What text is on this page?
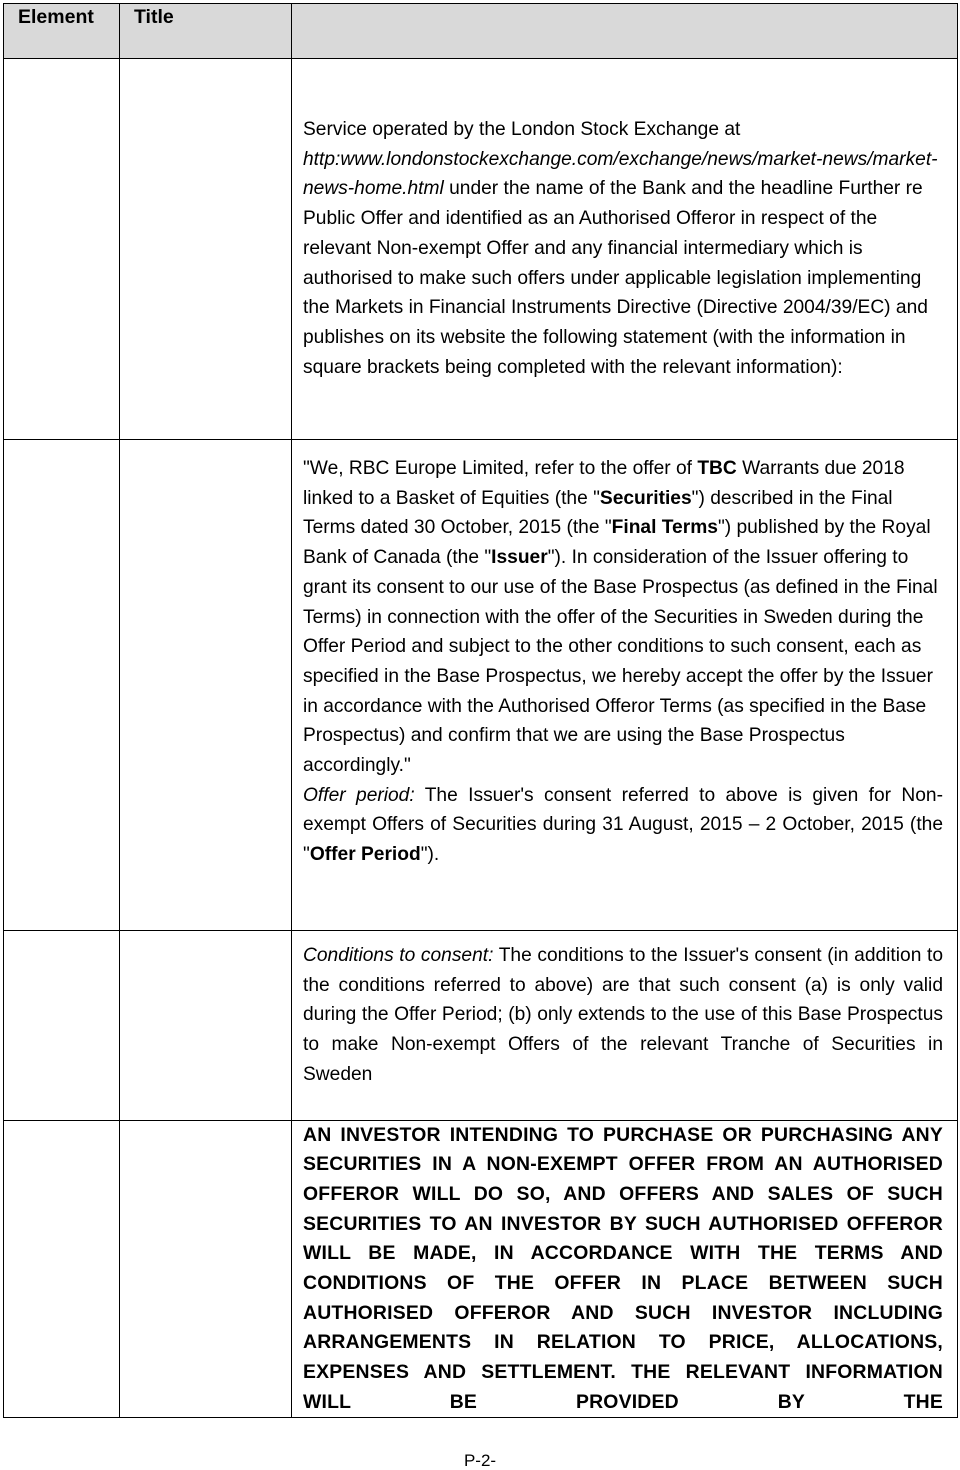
Element	Title	

		Service operated by the London Stock Exchange at
http:www.londonstockexchange.com/exchange/news/market-news/market-news-home.html under the name of the Bank and the headline Further re Public Offer and identified as an Authorised Offeror in respect of the relevant Non-exempt Offer and any financial intermediary which is authorised to make such offers under applicable legislation implementing the Markets in Financial Instruments Directive (Directive 2004/39/EC) and publishes on its website the following statement (with the information in square brackets being completed with the relevant information):

		"We, RBC Europe Limited, refer to the offer of TBC Warrants due 2018 linked to a Basket of Equities (the "Securities") described in the Final Terms dated 30 October, 2015 (the "Final Terms") published by the Royal Bank of Canada (the "Issuer"). In consideration of the Issuer offering to grant its consent to our use of the Base Prospectus (as defined in the Final Terms) in connection with the offer of the Securities in Sweden during the Offer Period and subject to the other conditions to such consent, each as specified in the Base Prospectus, we hereby accept the offer by the Issuer in accordance with the Authorised Offeror Terms (as specified in the Base Prospectus) and confirm that we are using the Base Prospectus accordingly."

Offer period: The Issuer's consent referred to above is given for Non-exempt Offers of Securities during 31 August, 2015 – 2 October, 2015 (the "Offer Period").

		Conditions to consent: The conditions to the Issuer's consent (in addition to the conditions referred to above) are that such consent (a) is only valid during the Offer Period; (b) only extends to the use of this Base Prospectus to make Non-exempt Offers of the relevant Tranche of Securities in Sweden

		AN INVESTOR INTENDING TO PURCHASE OR PURCHASING ANY SECURITIES IN A NON-EXEMPT OFFER FROM AN AUTHORISED OFFEROR WILL DO SO, AND OFFERS AND SALES OF SUCH SECURITIES TO AN INVESTOR BY SUCH AUTHORISED OFFEROR WILL BE MADE, IN ACCORDANCE WITH THE TERMS AND CONDITIONS OF THE OFFER IN PLACE BETWEEN SUCH AUTHORISED OFFEROR AND SUCH INVESTOR INCLUDING ARRANGEMENTS IN RELATION TO PRICE, ALLOCATIONS, EXPENSES AND SETTLEMENT. THE RELEVANT INFORMATION WILL BE PROVIDED BY THE
P-2-
